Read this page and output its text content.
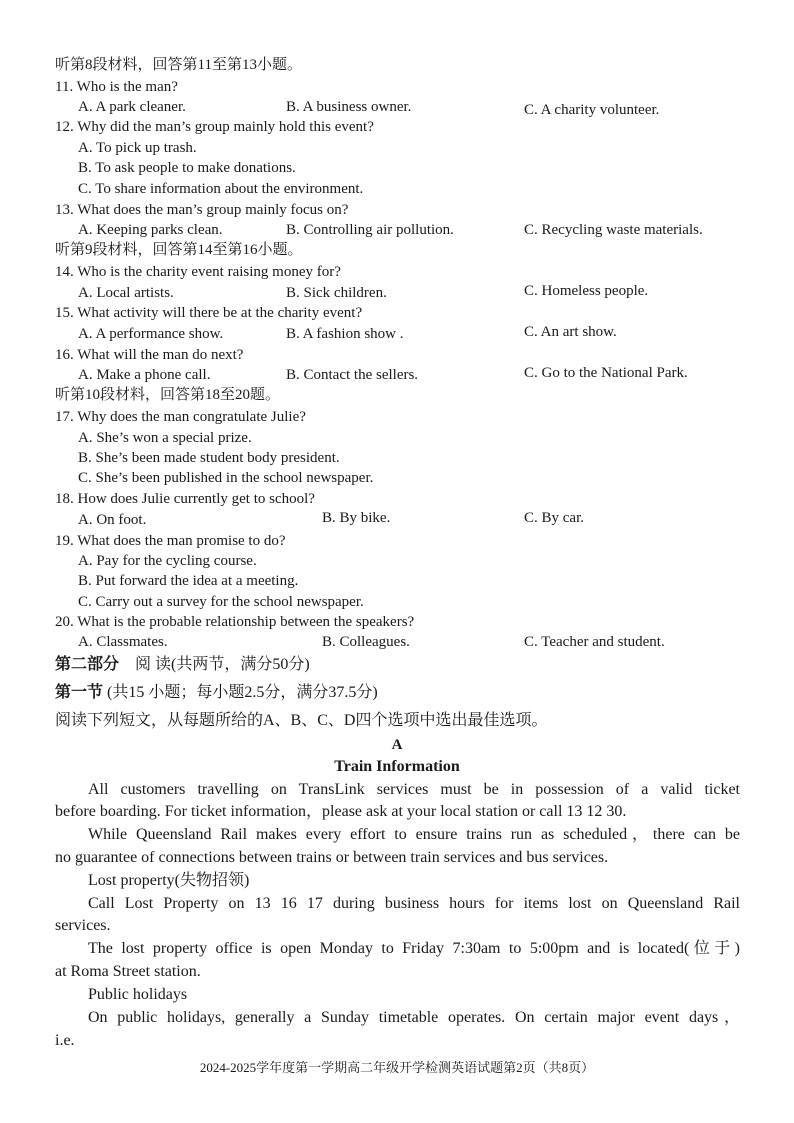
听第8段材料，回答第11至第13小题。
11. Who is the man?
A. A park cleaner.	B. A business owner.	C. A charity volunteer.
12. Why did the man’s group mainly hold this event?
A. To pick up trash.
B. To ask people to make donations.
C. To share information about the environment.
13. What does the man’s group mainly focus on?
A. Keeping parks clean.	B. Controlling air pollution.	C. Recycling waste materials.
听第9段材料，回答第14至第16小题。
14. Who is the charity event raising money for?
A. Local artists.	B. Sick children.	C. Homeless people.
15. What activity will there be at the charity event?
A. A performance show.	B. A fashion show .	C. An art show.
16. What will the man do next?
A. Make a phone call.	B. Contact the sellers.	C. Go to the National Park.
听第10段材料，回答第18至20题。
17. Why does the man congratulate Julie?
A. She’s won a special prize.
B. She’s been made student body president.
C. She’s been published in the school newspaper.
18. How does Julie currently get to school?
A. On foot.	B. By bike.	C. By car.
19. What does the man promise to do?
A. Pay for the cycling course.
B. Put forward the idea at a meeting.
C. Carry out a survey for the school newspaper.
20. What is the probable relationship between the speakers?
A. Classmates.	B. Colleagues.	C. Teacher and student.
第二部分　阅 读(共两节，满分50分)
第一节 (共15 小题；每小题2.5分，满分37.5分)
阅读下列短文，从每题所给的A、B、C、D四个选项中选出最佳选项。
A
Train Information
All customers travelling on TransLink services must be in possession of a valid ticket
before boarding. For ticket information，please ask at your local station or call 13 12 30.
While Queensland Rail makes every effort to ensure trains run as scheduled，there can be
no guarantee of connections between trains or between train services and bus services.
Lost property(失物招领)
Call Lost Property on 13 16 17 during business hours for items lost on Queensland Rail
services.
The lost property office is open Monday to Friday 7:30am to 5:00pm and is located(位于)
at Roma Street station.
Public holidays
On public holidays, generally a Sunday timetable operates. On certain major event days，
i.e.
2024-2025学年度第一学期高二年级开学检测英语试题第2页（共8页）
